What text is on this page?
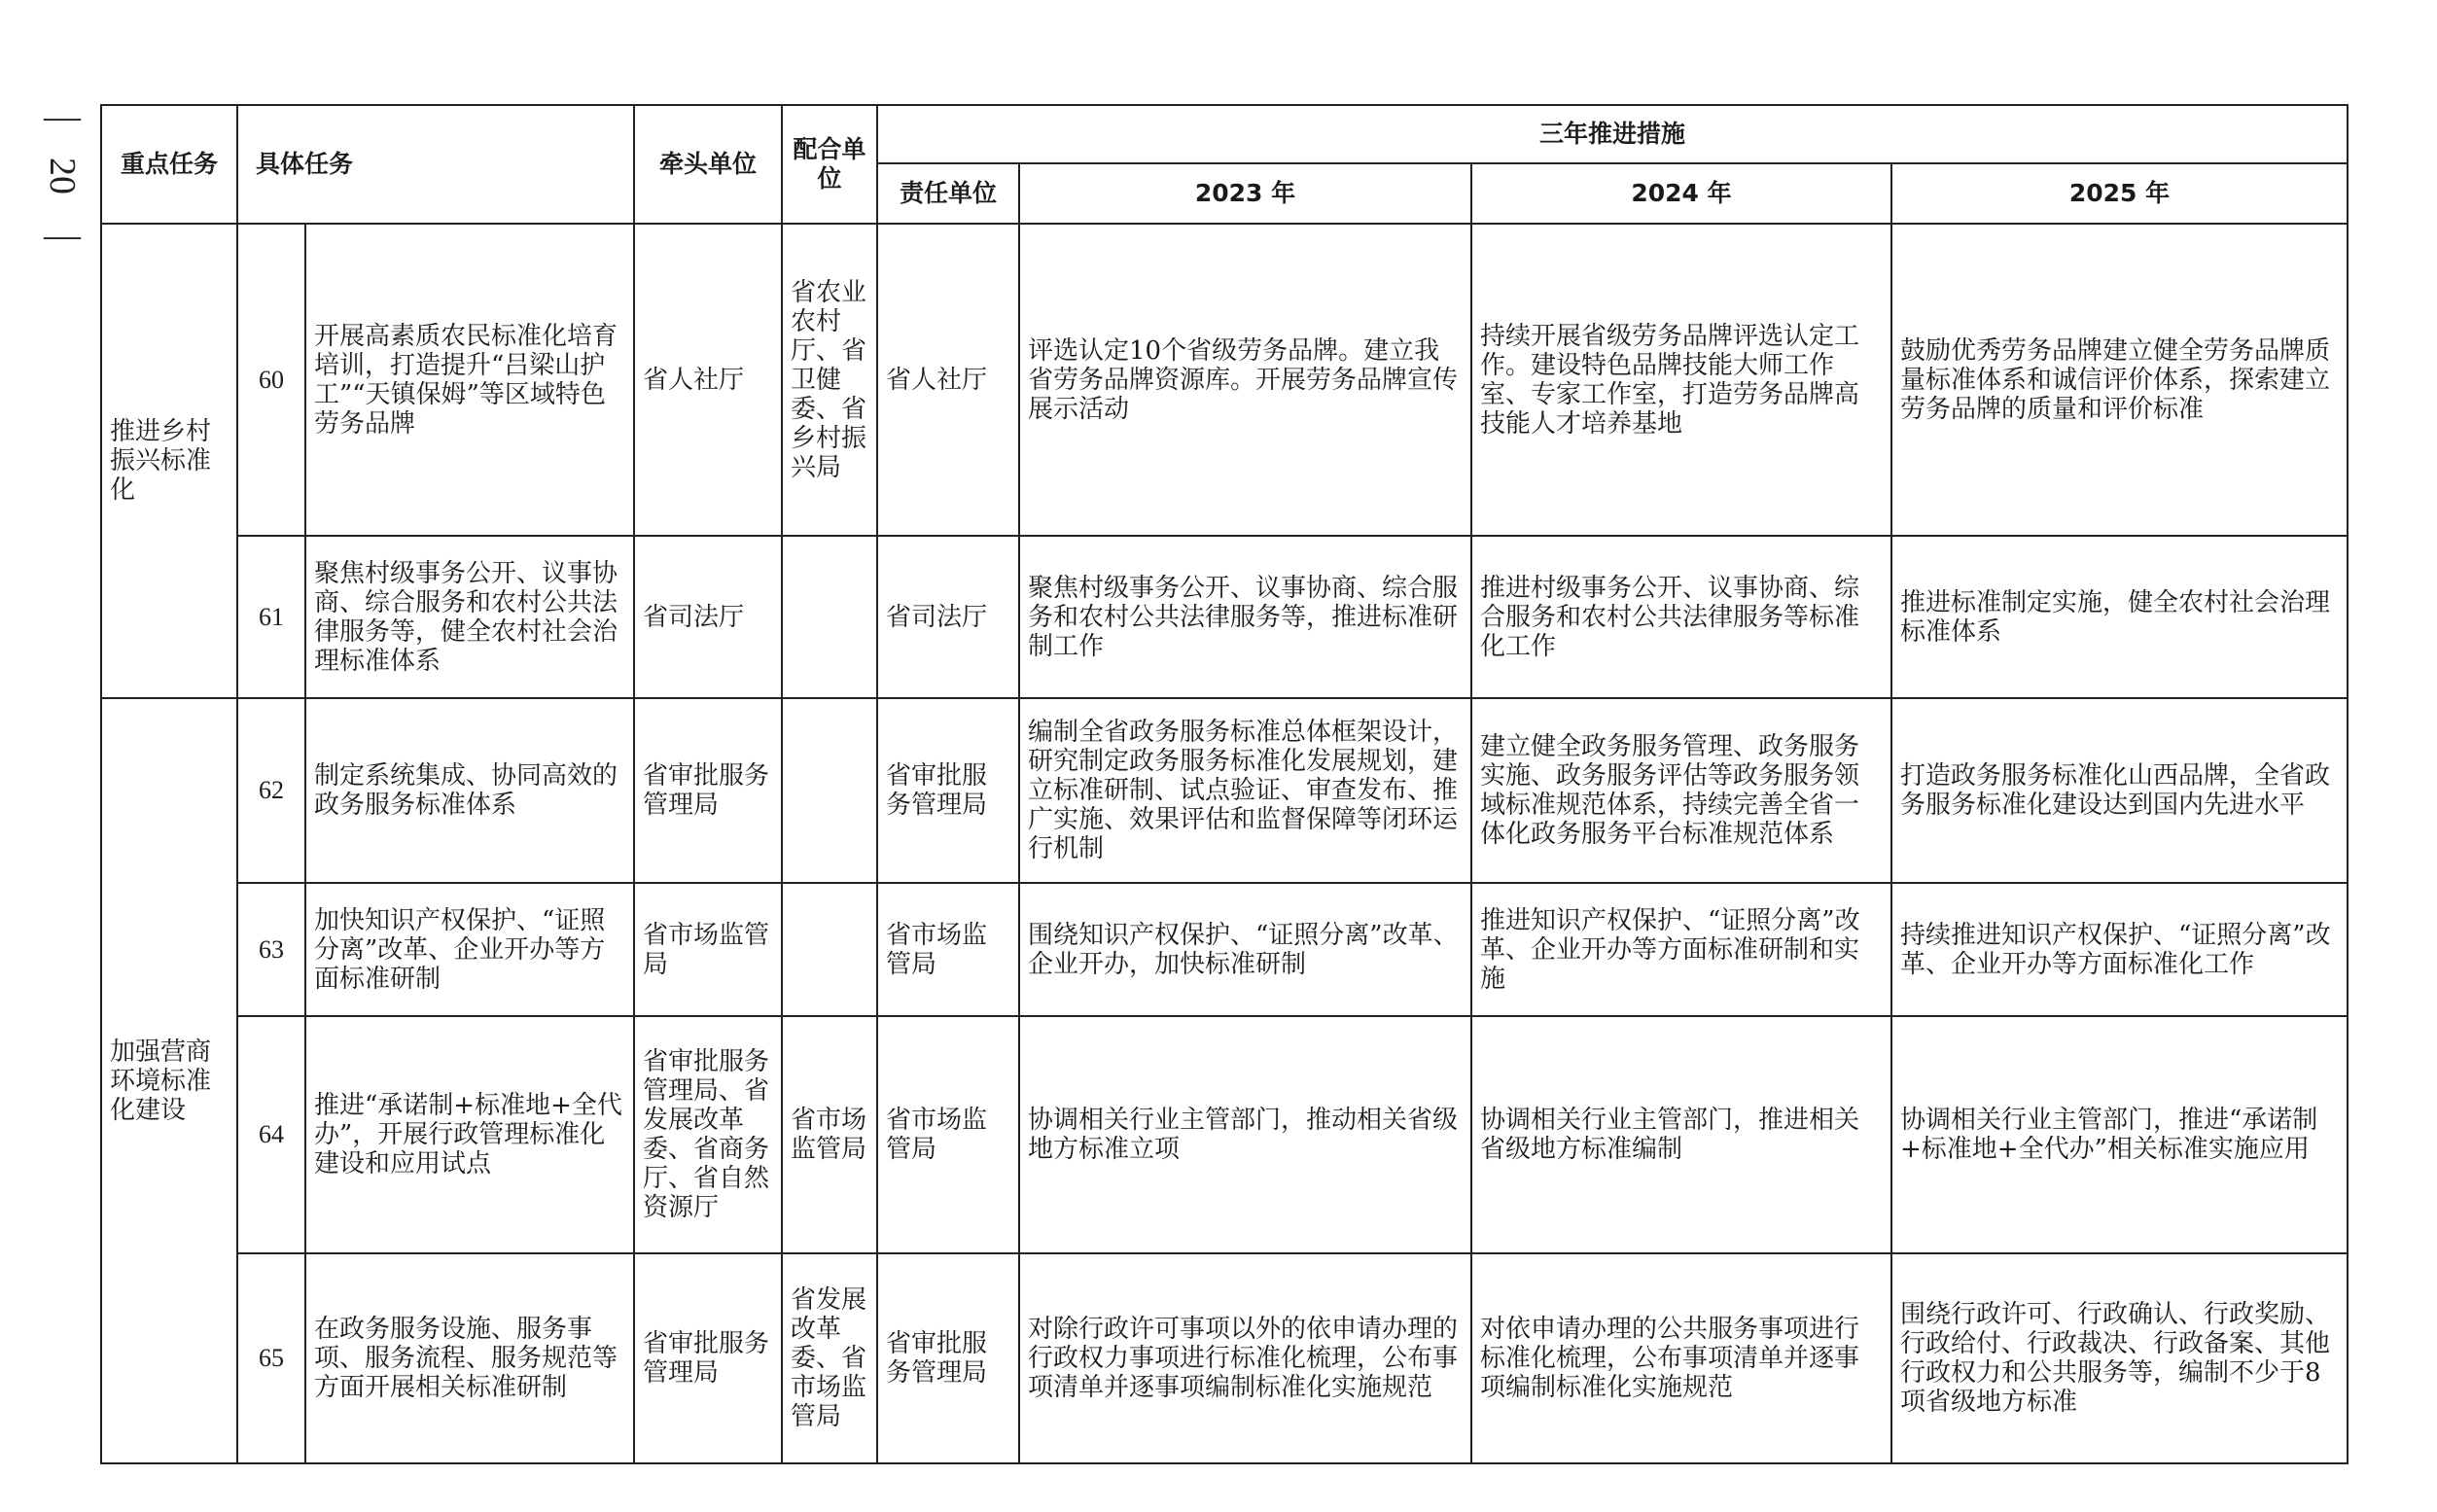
—
20
—
重点任务	具体任务		牵头单位	配合单位	三年推进措施			
					责任单位	2023 年	2024 年	2025 年
推进乡村振兴标准化	60	开展高素质农民标准化培育培训，打造提升“吕梁山护工”“天镇保姆”等区域特色劳务品牌	省人社厅	省农业农村厅、省卫健委、省乡村振兴局	省人社厅	评选认定10个省级劳务品牌。建立我省劳务品牌资源库。开展劳务品牌宣传展示活动	持续开展省级劳务品牌评选认定工作。建设特色品牌技能大师工作室、专家工作室，打造劳务品牌高技能人才培养基地	鼓励优秀劳务品牌建立健全劳务品牌质量标准体系和诚信评价体系，探索建立劳务品牌的质量和评价标准
	61	聚焦村级事务公开、议事协商、综合服务和农村公共法律服务等，健全农村社会治理标准体系	省司法厅		省司法厅	聚焦村级事务公开、议事协商、综合服务和农村公共法律服务等，推进标准研制工作	推进村级事务公开、议事协商、综合服务和农村公共法律服务等标准化工作	推进标准制定实施，健全农村社会治理标准体系
加强营商环境标准化建设	62	制定系统集成、协同高效的政务服务标准体系	省审批服务管理局		省审批服务管理局	编制全省政务服务标准总体框架设计，研究制定政务服务标准化发展规划，建立标准研制、试点验证、审查发布、推广实施、效果评估和监督保障等闭环运行机制	建立健全政务服务管理、政务服务实施、政务服务评估等政务服务领域标准规范体系，持续完善全省一体化政务服务平台标准规范体系	打造政务服务标准化山西品牌，全省政务服务标准化建设达到国内先进水平
	63	加快知识产权保护、“证照分离”改革、企业开办等方面标准研制	省市场监管局		省市场监管局	围绕知识产权保护、“证照分离”改革、企业开办，加快标准研制	推进知识产权保护、“证照分离”改革、企业开办等方面标准研制和实施	持续推进知识产权保护、“证照分离”改革、企业开办等方面标准化工作
	64	推进“承诺制+标准地+全代办”，开展行政管理标准化建设和应用试点	省审批服务管理局、省发展改革委、省商务厅、省自然资源厅	省市场监管局	省市场监管局	协调相关行业主管部门，推动相关省级地方标准立项	协调相关行业主管部门，推进相关省级地方标准编制	协调相关行业主管部门，推进“承诺制+标准地+全代办”相关标准实施应用
	65	在政务服务设施、服务事项、服务流程、服务规范等方面开展相关标准研制	省审批服务管理局	省发展改革委、省市场监管局	省审批服务管理局	对除行政许可事项以外的依申请办理的行政权力事项进行标准化梳理，公布事项清单并逐事项编制标准化实施规范	对依申请办理的公共服务事项进行标准化梳理，公布事项清单并逐事项编制标准化实施规范	围绕行政许可、行政确认、行政奖励、行政给付、行政裁决、行政备案、其他行政权力和公共服务等，编制不少于8项省级地方标准
